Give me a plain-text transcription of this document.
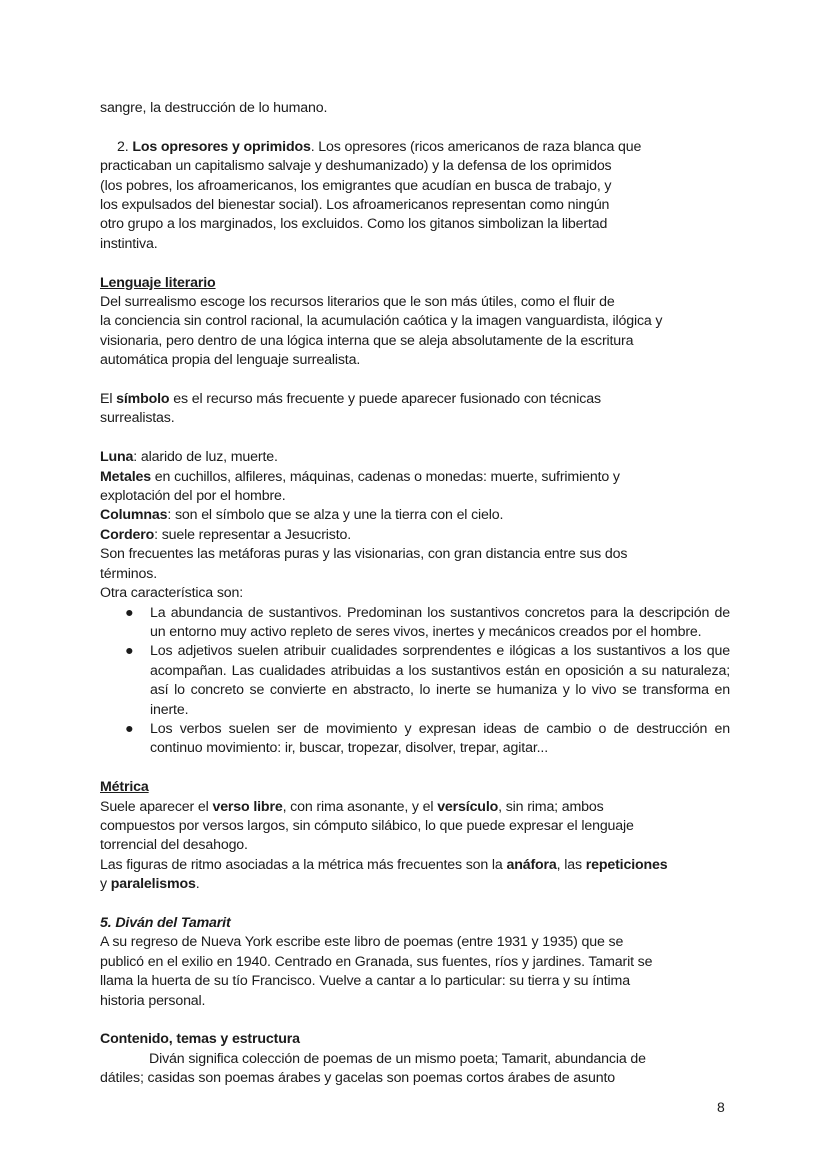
sangre, la destrucción de lo humano.

2. Los opresores y oprimidos. Los opresores (ricos americanos de raza blanca que

practicaban un capitalismo salvaje y deshumanizado) y la defensa de los oprimidos

(los pobres, los afroamericanos, los emigrantes que acudían en busca de trabajo, y

los expulsados del bienestar social). Los afroamericanos representan como ningún

otro grupo a los marginados, los excluidos. Como los gitanos simbolizan la libertad

instintiva.

Lenguaje literario

Del surrealismo escoge los recursos literarios que le son más útiles, como el fluir de

la conciencia sin control racional, la acumulación caótica y la imagen vanguardista, ilógica y

visionaria, pero dentro de una lógica interna que se aleja absolutamente de la escritura

automática propia del lenguaje surrealista.

El símbolo es el recurso más frecuente y puede aparecer fusionado con técnicas

surrealistas.

Luna: alarido de luz, muerte.

Metales en cuchillos, alfileres, máquinas, cadenas o monedas: muerte, sufrimiento y

explotación del por el hombre.

Columnas: son el símbolo que se alza y une la tierra con el cielo.

Cordero: suele representar a Jesucristo.

Son frecuentes las metáforas puras y las visionarias, con gran distancia entre sus dos

términos.

Otra característica son:

●	La abundancia de sustantivos. Predominan los sustantivos concretos para la descripción de un entorno muy activo repleto de seres vivos, inertes y mecánicos creados por el hombre.
●	Los adjetivos suelen atribuir cualidades sorprendentes e ilógicas a los sustantivos a los que acompañan. Las cualidades atribuidas a los sustantivos están en oposición a su naturaleza; así lo concreto se convierte en abstracto, lo inerte se humaniza y lo vivo se transforma en inerte.
●	Los verbos suelen ser de movimiento y expresan ideas de cambio o de destrucción en continuo movimiento: ir, buscar, tropezar, disolver, trepar, agitar...

Métrica

Suele aparecer el verso libre, con rima asonante, y el versículo, sin rima; ambos

compuestos por versos largos, sin cómputo silábico, lo que puede expresar el lenguaje

torrencial del desahogo.

Las figuras de ritmo asociadas a la métrica más frecuentes son la anáfora, las repeticiones

y paralelismos.

5. Diván del Tamarit

A su regreso de Nueva York escribe este libro de poemas (entre 1931 y 1935) que se

publicó en el exilio en 1940. Centrado en Granada, sus fuentes, ríos y jardines. Tamarit se

llama la huerta de su tío Francisco. Vuelve a cantar a lo particular: su tierra y su íntima

historia personal.

Contenido, temas y estructura

Diván significa colección de poemas de un mismo poeta; Tamarit, abundancia de

dátiles; casidas son poemas árabes y gacelas son poemas cortos árabes de asunto

8
